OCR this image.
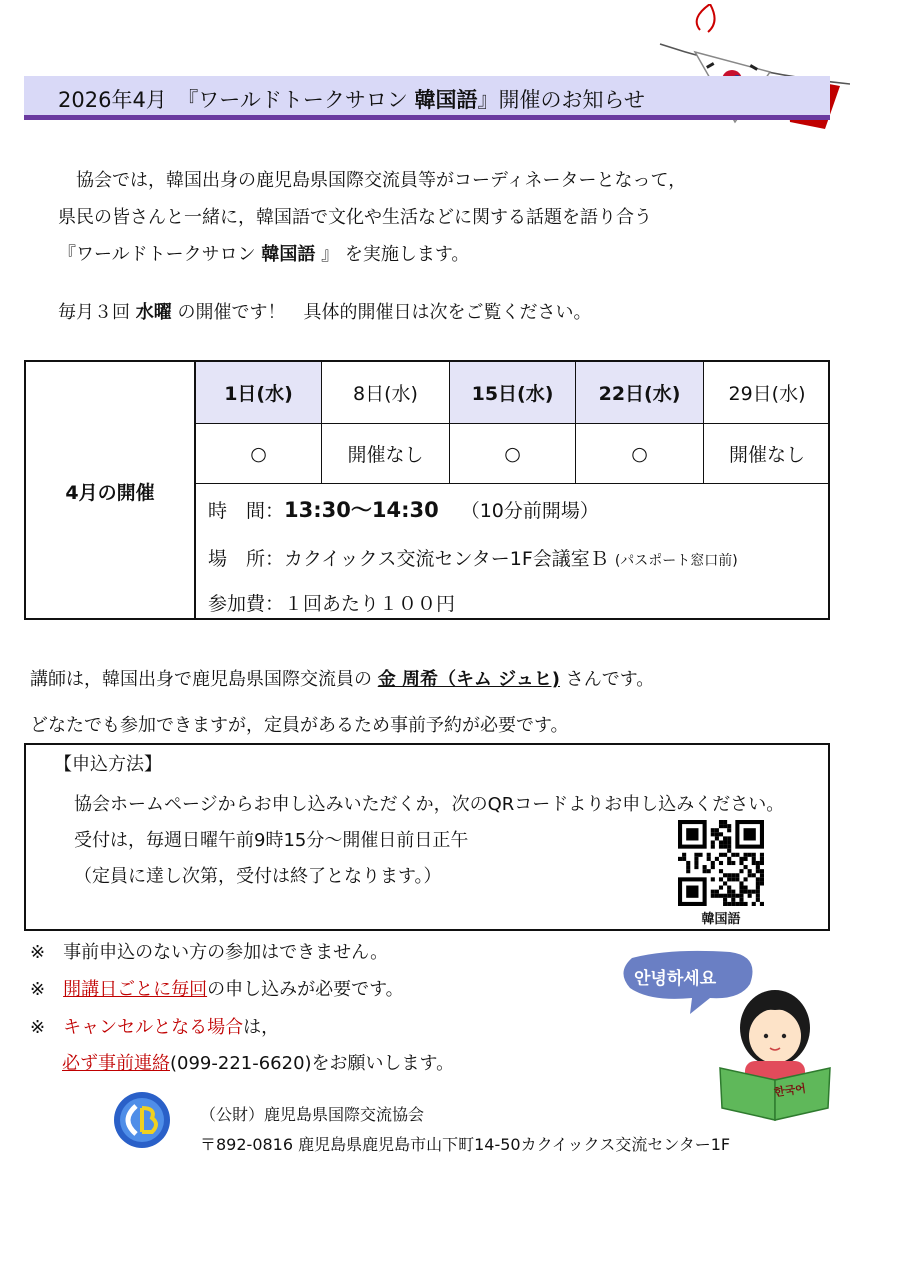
2026年4月　『ワールドトークサロン 韓国語』開催のお知らせ
協会では，韓国出身の鹿児島県国際交流員等がコーディネーターとなって，
県民の皆さんと一緒に，韓国語で文化や生活などに関する話題を語り合う
『ワールドトークサロン 韓国語 』 を実施します。
毎月３回 水曜 の開催です！　具体的開催日は次をご覧ください。
4月の開催
1日(水)
○
8日(水)
開催なし
15日(水)
○
22日(水)
○
29日(水)
開催なし
時　間：13:30～14:30 （10分前開場）
場　所：カクイックス交流センター1F会議室Ｂ (パスポート窓口前)
参加費：１回あたり１００円
講師は，韓国出身で鹿児島県国際交流員の 金 周希（キム ジュヒ) さんです。
どなたでも参加できますが，定員があるため事前予約が必要です。
【申込方法】
協会ホームページからお申し込みいただくか，次のQRコードよりお申し込みください。
受付は，毎週日曜午前9時15分～開催日前日正午
（定員に達し次第，受付は終了となります。）
韓国語
※　事前申込のない方の参加はできません。
※　開講日ごとに毎回の申し込みが必要です。
※　キャンセルとなる場合は，
必ず事前連絡(099-221-6620)をお願いします。
안녕하세요
한국어
（公財）鹿児島県国際交流協会
〒892-0816 鹿児島県鹿児島市山下町14-50カクイックス交流センター1F
